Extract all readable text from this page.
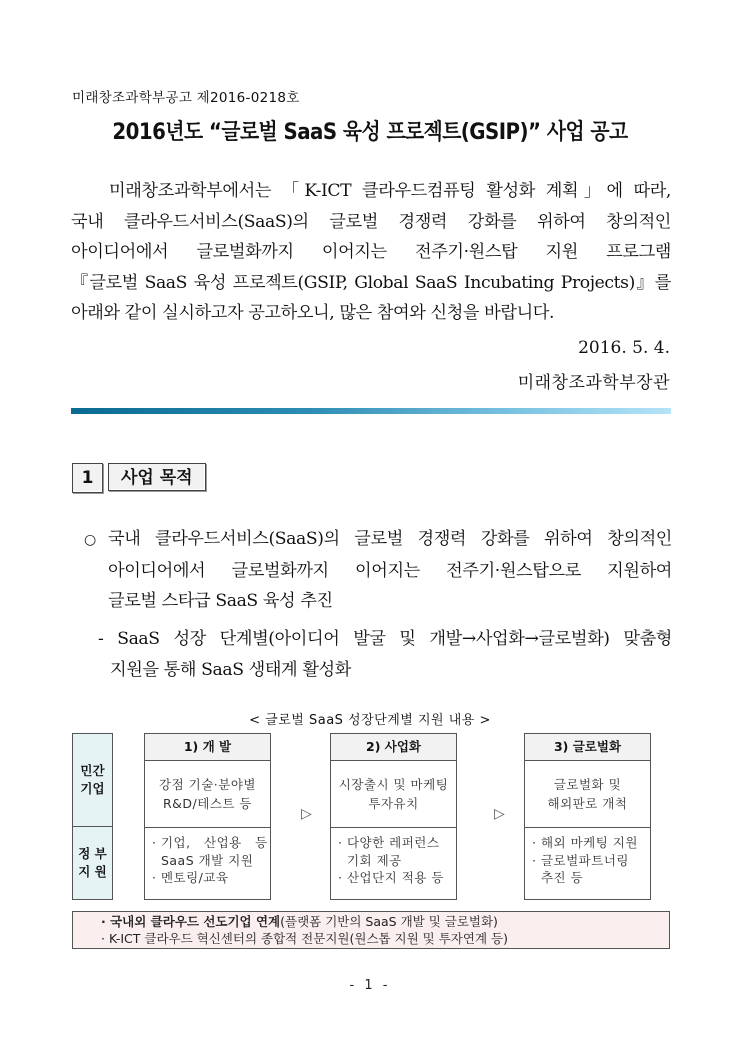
미래창조과학부공고 제2016-0218호
2016년도 “글로벌 SaaS 육성 프로젝트(GSIP)” 사업 공고

미래창조과학부에서는 「K-ICT 클라우드컴퓨팅 활성화 계획」에 따라,

국내 클라우드서비스(SaaS)의 글로벌 경쟁력 강화를 위하여 창의적인

아이디어에서 글로벌화까지 이어지는 전주기·원스탑 지원 프로그램

『글로벌 SaaS 육성 프로젝트(GSIP, Global SaaS Incubating Projects)』를

아래와 같이 실시하고자 공고하오니, 많은 참여와 신청을 바랍니다.

2016. 5. 4.
미래창조과학부장관
1	사업 목적
○ 국내 클라우드서비스(SaaS)의 글로벌 경쟁력 강화를 위하여 창의적인
아이디어에서 글로벌화까지 이어지는 전주기·원스탑으로 지원하여
글로벌 스타급 SaaS 육성 추진
- SaaS 성장 단계별(아이디어 발굴 및 개발→사업화→글로벌화) 맞춤형
지원을 통해 SaaS 생태계 활성화
< 글로벌 SaaS 성장단계별 지원 내용 >
민간
기업
정 부
지 원
1) 개 발
강점 기술·분야별
R&D/테스트 등
· 기업,   산업용   등
SaaS 개발 지원
· 멘토링/교육
▷
2) 사업화
시장출시 및 마케팅
투자유치
· 다양한 레퍼런스
기회 제공
· 산업단지 적용 등
▷
3) 글로벌화
글로벌화 및
해외판로 개척
· 해외 마케팅 지원
· 글로벌파트너링
추진 등
· 국내외 클라우드 선도기업 연계(플랫폼 기반의 SaaS 개발 및 글로벌화)
· K-ICT 클라우드 혁신센터의 종합적 전문지원(원스톱 지원 및 투자연계 등)
- 1 -
